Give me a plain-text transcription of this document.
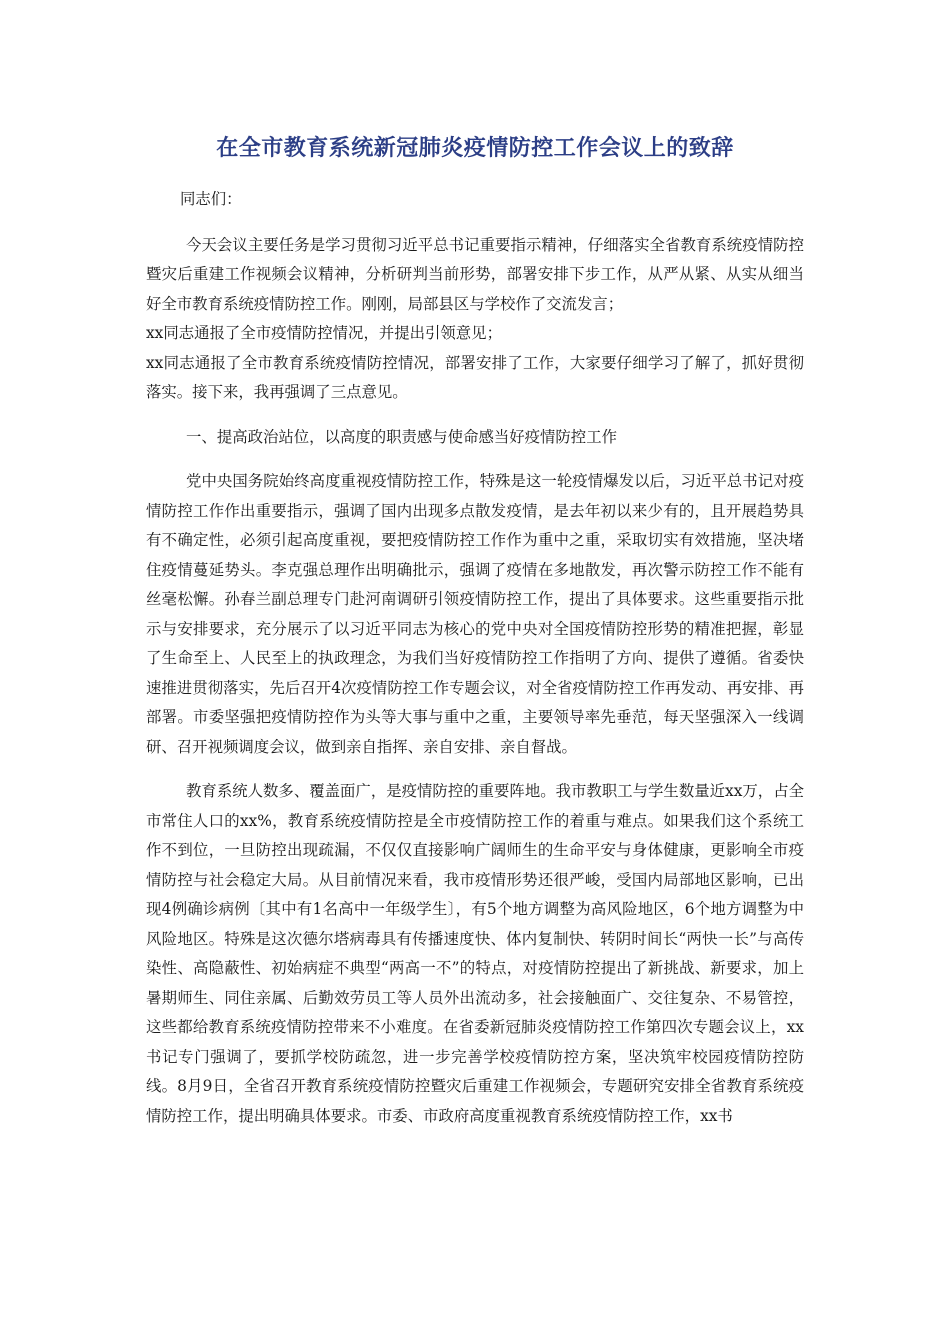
在全市教育系统新冠肺炎疫情防控工作会议上的致辞

同志们：

今天会议主要任务是学习贯彻习近平总书记重要指示精神，仔细落实全省教育系统疫情防控暨灾后重建工作视频会议精神，分析研判当前形势，部署安排下步工作，从严从紧、从实从细当好全市教育系统疫情防控工作。刚刚，局部县区与学校作了交流发言；

xx同志通报了全市疫情防控情况，并提出引领意见；

xx同志通报了全市教育系统疫情防控情况，部署安排了工作，大家要仔细学习了解了，抓好贯彻落实。接下来，我再强调了三点意见。

一、提高政治站位，以高度的职责感与使命感当好疫情防控工作

党中央国务院始终高度重视疫情防控工作，特殊是这一轮疫情爆发以后，习近平总书记对疫情防控工作作出重要指示，强调了国内出现多点散发疫情，是去年初以来少有的，且开展趋势具有不确定性，必须引起高度重视，要把疫情防控工作作为重中之重，采取切实有效措施，坚决堵住疫情蔓延势头。李克强总理作出明确批示，强调了疫情在多地散发，再次警示防控工作不能有丝毫松懈。孙春兰副总理专门赴河南调研引领疫情防控工作，提出了具体要求。这些重要指示批示与安排要求，充分展示了以习近平同志为核心的党中央对全国疫情防控形势的精准把握，彰显了生命至上、人民至上的执政理念，为我们当好疫情防控工作指明了方向、提供了遵循。省委快速推进贯彻落实，先后召开4次疫情防控工作专题会议，对全省疫情防控工作再发动、再安排、再部署。市委坚强把疫情防控作为头等大事与重中之重，主要领导率先垂范，每天坚强深入一线调研、召开视频调度会议，做到亲自指挥、亲自安排、亲自督战。

教育系统人数多、覆盖面广，是疫情防控的重要阵地。我市教职工与学生数量近xx万，占全市常住人口的xx%，教育系统疫情防控是全市疫情防控工作的着重与难点。如果我们这个系统工作不到位，一旦防控出现疏漏，不仅仅直接影响广阔师生的生命平安与身体健康，更影响全市疫情防控与社会稳定大局。从目前情况来看，我市疫情形势还很严峻，受国内局部地区影响，已出现4例确诊病例〔其中有1名高中一年级学生〕，有5个地方调整为高风险地区，6个地方调整为中风险地区。特殊是这次德尔塔病毒具有传播速度快、体内复制快、转阴时间长“两快一长”与高传染性、高隐蔽性、初始病症不典型“两高一不”的特点，对疫情防控提出了新挑战、新要求，加上暑期师生、同住亲属、后勤效劳员工等人员外出流动多，社会接触面广、交往复杂、不易管控，这些都给教育系统疫情防控带来不小难度。在省委新冠肺炎疫情防控工作第四次专题会议上，xx书记专门强调了，要抓学校防疏忽，进一步完善学校疫情防控方案，坚决筑牢校园疫情防控防线。8月9日，全省召开教育系统疫情防控暨灾后重建工作视频会，专题研究安排全省教育系统疫情防控工作，提出明确具体要求。市委、市政府高度重视教育系统疫情防控工作，xx书
